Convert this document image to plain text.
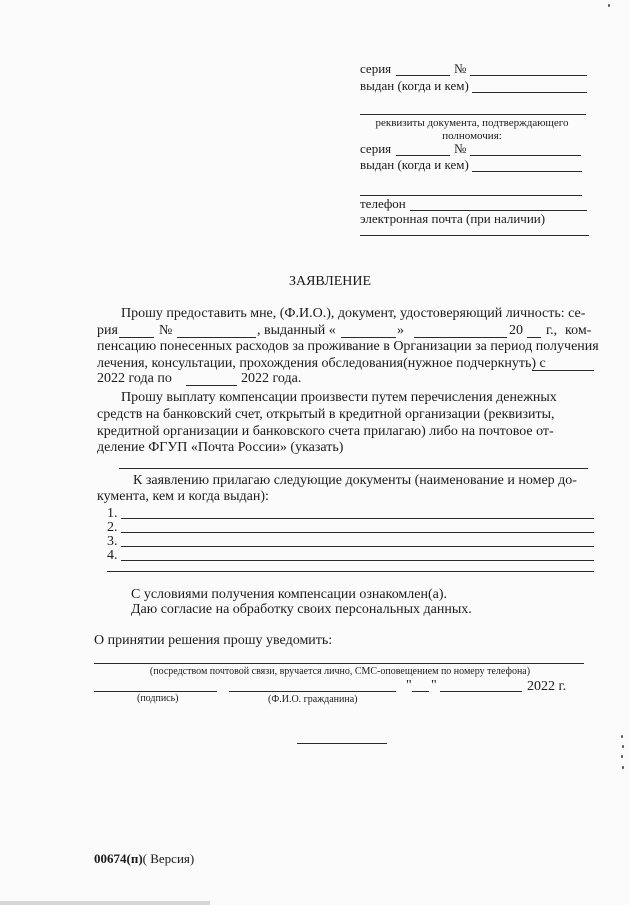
серия	№
выдан (когда и кем)
реквизиты документа, подтверждающего
полномочия:
серия	№
выдан (когда и кем)
телефон
электронная почта (при наличии)
ЗАЯВЛЕНИЕ
Прошу предоставить мне, (Ф.И.О.), документ, удостоверяющий личность: се-
рия	№	, выданный «	»	20 г., ком-
пенсацию понесенных расходов за проживание в Организации за период получения
лечения, консультации, прохождения обследования(нужное подчеркнуть) с
2022 года по	2022 года.
Прошу выплату компенсации произвести путем перечисления денежных
средств на банковский счет, открытый в кредитной организации (реквизиты,
кредитной организации и банковского счета прилагаю) либо на почтовое от-
деление ФГУП «Почта России» (указать)
К заявлению прилагаю следующие документы (наименование и номер до-
кумента, кем и когда выдан):
1.
2.
3.
4.
С условиями получения компенсации ознакомлен(а).
Даю согласие на обработку своих персональных данных.
О принятии решения прошу уведомить:
(посредством почтовой связи, вручается лично, СМС-оповещением по номеру телефона)
" "	2022 г.
(подпись)	(Ф.И.О. гражданина)
00674(п)( Версия)
